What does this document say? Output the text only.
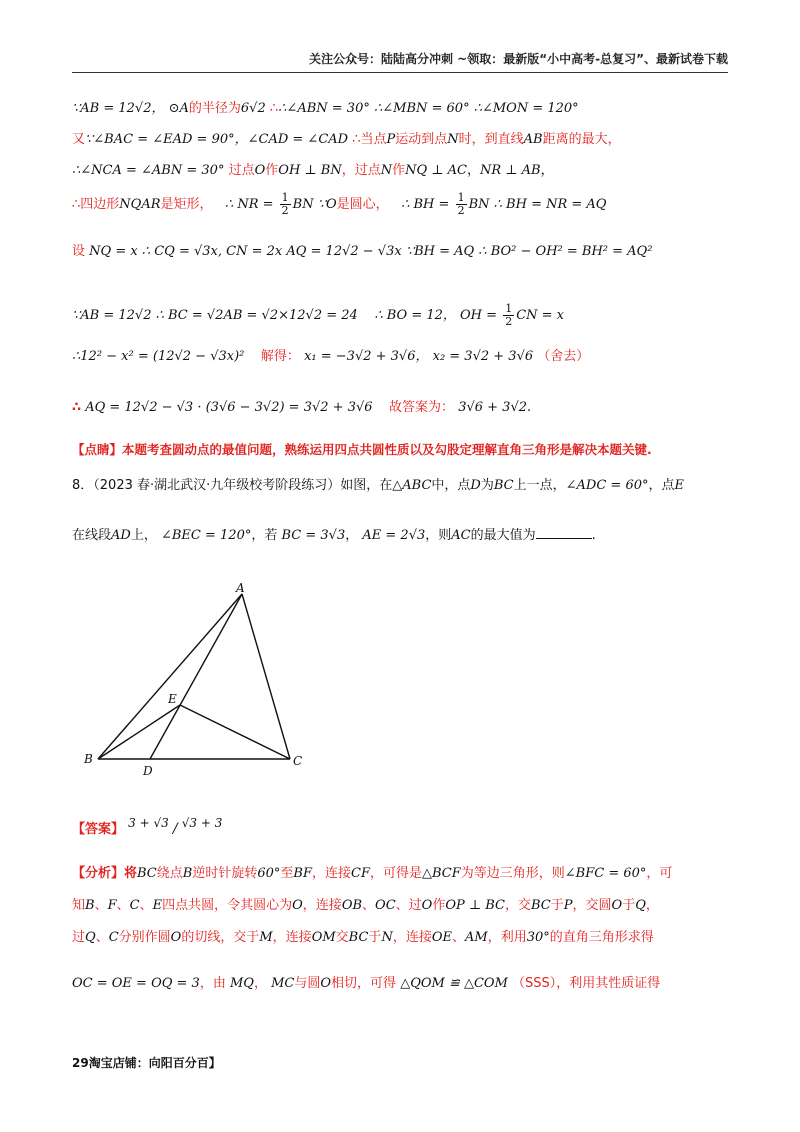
关注公众号：陆陆高分冲刺 ~领取：最新版“小中高考-总复习”、最新试卷下载
∵AB = 12√2， ⊙A的半径为6√2 ∴∴∠ABN = 30° ∴∠MBN = 60° ∴∠MON = 120°
又∵∠BAC = ∠EAD = 90°，∠CAD = ∠CAD ∴当点P运动到点N时，到直线AB距离的最大，
∴∠NCA = ∠ABN = 30° 过点O作OH ⊥ BN，过点N作NQ ⊥ AC，NR ⊥ AB，
∴四边形NQAR是矩形， ∴ NR = $\frac{1}{2}$ BN ∵O是圆心， ∴ BH = $\frac{1}{2}$ BN ∴ BH = NR = AQ
设 NQ = x ∴ CQ = √3x, CN = 2x AQ = 12√2 − √3x ∵BH = AQ ∴ BO² − OH² = BH² = AQ²
∵AB = 12√2 ∴ BC = √2AB = √2×12√2 = 24 ∴ BO = 12， OH = $\frac{1}{2}$ CN = x
∴12² − x² = (12√2 − √3x)² 解得： x₁ = −3√2 + 3√6， x₂ = 3√2 + 3√6 （舍去）
∴ AQ = 12√2 − √3 · (3√6 − 3√2) = 3√2 + 3√6 故答案为： 3√6 + 3√2.
【点睛】本题考查圆动点的最值问题，熟练运用四点共圆性质以及勾股定理解直角三角形是解决本题关键.
8．（2023 春·湖北武汉·九年级校考阶段练习）如图，在△ABC中，点D为BC上一点，∠ADC = 60°，点E
在线段AD上， ∠BEC = 120°，若 BC = 3√3， AE = 2√3，则AC的最大值为	.
A
B	C
D
E
【答案】 3 + √3 / √3 + 3
【分析】将BC绕点B逆时针旋转60°至BF，连接CF，可得是△BCF为等边三角形，则∠BFC = 60°，可
知B、F、C、E四点共圆，令其圆心为O，连接OB、OC、过O作OP ⊥ BC，交BC于P，交圆O于Q，
过Q、C分别作圆O的切线，交于M，连接OM交BC于N，连接OE、AM，利用30°的直角三角形求得
OC = OE = OQ = 3，由 MQ， MC与圆O相切，可得 △QOM ≌ △COM （SSS），利用其性质证得
29淘宝店铺：向阳百分百】
